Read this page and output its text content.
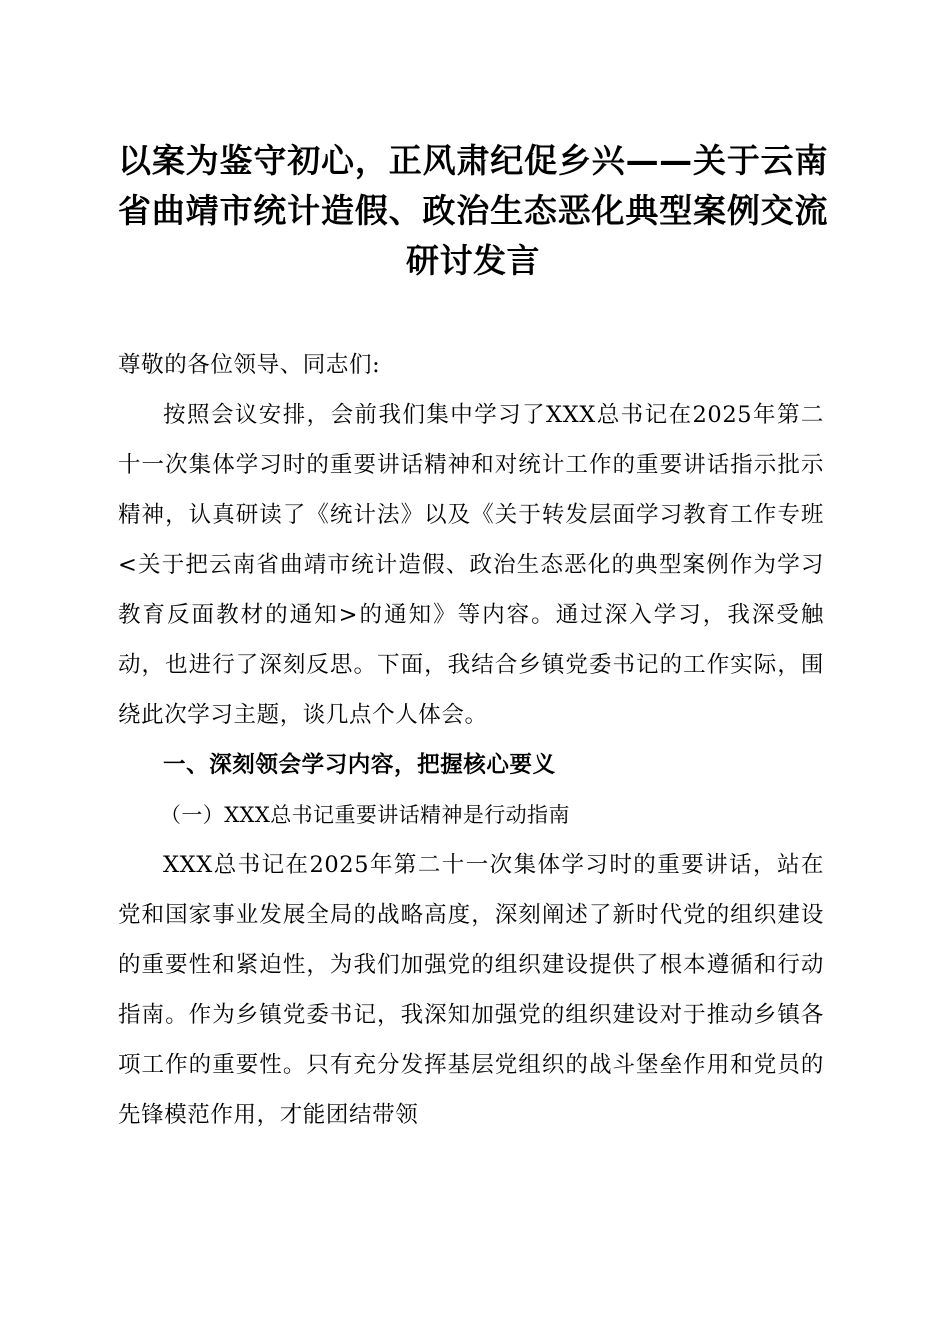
以案为鉴守初心，正风肃纪促乡兴——关于云南省曲靖市统计造假、政治生态恶化典型案例交流研讨发言

尊敬的各位领导、同志们:

按照会议安排，会前我们集中学习了XXX总书记在2025年第二十一次集体学习时的重要讲话精神和对统计工作的重要讲话指示批示精神，认真研读了《统计法》以及《关于转发层面学习教育工作专班<关于把云南省曲靖市统计造假、政治生态恶化的典型案例作为学习教育反面教材的通知>的通知》等内容。通过深入学习，我深受触动，也进行了深刻反思。下面，我结合乡镇党委书记的工作实际，围绕此次学习主题，谈几点个人体会。

一、深刻领会学习内容，把握核心要义

（一）XXX总书记重要讲话精神是行动指南

XXX总书记在2025年第二十一次集体学习时的重要讲话，站在党和国家事业发展全局的战略高度，深刻阐述了新时代党的组织建设的重要性和紧迫性，为我们加强党的组织建设提供了根本遵循和行动指南。作为乡镇党委书记，我深知加强党的组织建设对于推动乡镇各项工作的重要性。只有充分发挥基层党组织的战斗堡垒作用和党员的先锋模范作用，才能团结带领
